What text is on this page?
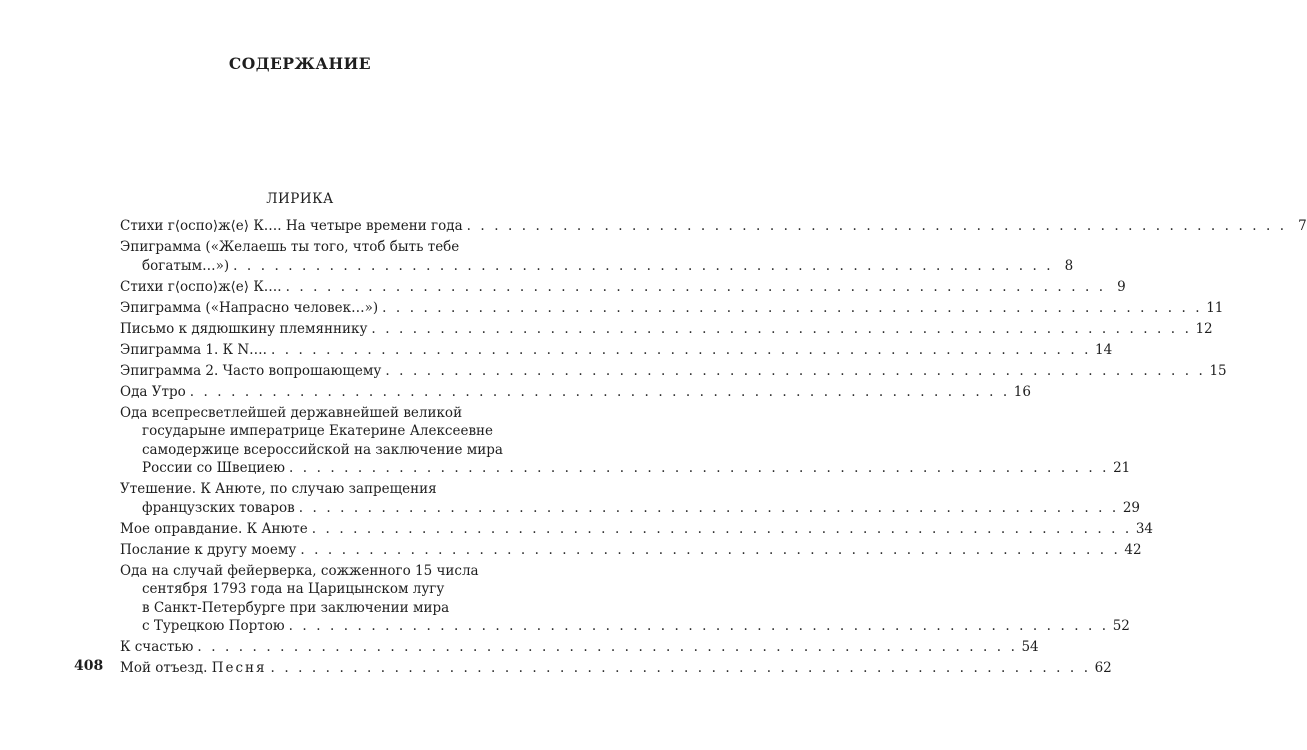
СОДЕРЖАНИЕ
ЛИРИКА
Стихи г⟨оспо⟩ж⟨е⟩ К…. На четыре времени года . . . . . . . . . . . . . . . . . . . . . . . . . . . . . . . . . . . . . . . . . . . . . . . . . . . . . . . . . . . . 7
Эпиграмма («Желаешь ты того, чтоб быть тебе
богатым…») . . . . . . . . . . . . . . . . . . . . . . . . . . . . . . . . . . . . . . . . . . . . . . . . . . . . . . . . . . . . 8
Стихи г⟨оспо⟩ж⟨е⟩ К…. . . . . . . . . . . . . . . . . . . . . . . . . . . . . . . . . . . . . . . . . . . . . . . . . . . . . . . . . . . . . 9
Эпиграмма («Напрасно человек…») . . . . . . . . . . . . . . . . . . . . . . . . . . . . . . . . . . . . . . . . . . . . . . . . . . . . . . . . . . . . 11
Письмо к дядюшкину племяннику . . . . . . . . . . . . . . . . . . . . . . . . . . . . . . . . . . . . . . . . . . . . . . . . . . . . . . . . . . . . 12
Эпиграмма 1. К N…. . . . . . . . . . . . . . . . . . . . . . . . . . . . . . . . . . . . . . . . . . . . . . . . . . . . . . . . . . . . . 14
Эпиграмма 2. Часто вопрошающему . . . . . . . . . . . . . . . . . . . . . . . . . . . . . . . . . . . . . . . . . . . . . . . . . . . . . . . . . . . . 15
Ода Утро . . . . . . . . . . . . . . . . . . . . . . . . . . . . . . . . . . . . . . . . . . . . . . . . . . . . . . . . . . . . 16
Ода всепресветлейшей державнейшей великой
государыне императрице Екатерине Алексеевне
самодержице всероссийской на заключение мира
России со Швециею . . . . . . . . . . . . . . . . . . . . . . . . . . . . . . . . . . . . . . . . . . . . . . . . . . . . . . . . . . . . 21
Утешение. К Анюте, по случаю запрещения
французских товаров . . . . . . . . . . . . . . . . . . . . . . . . . . . . . . . . . . . . . . . . . . . . . . . . . . . . . . . . . . . . 29
Мое оправдание. К Анюте . . . . . . . . . . . . . . . . . . . . . . . . . . . . . . . . . . . . . . . . . . . . . . . . . . . . . . . . . . . . 34
Послание к другу моему . . . . . . . . . . . . . . . . . . . . . . . . . . . . . . . . . . . . . . . . . . . . . . . . . . . . . . . . . . . . 42
Ода на случай фейерверка, сожженного 15 числа
сентября 1793 года на Царицынском лугу
в Санкт-Петербурге при заключении мира
с Турецкою Портою . . . . . . . . . . . . . . . . . . . . . . . . . . . . . . . . . . . . . . . . . . . . . . . . . . . . . . . . . . . . 52
К счастью . . . . . . . . . . . . . . . . . . . . . . . . . . . . . . . . . . . . . . . . . . . . . . . . . . . . . . . . . . . . 54
Мой отъезд.
Песня . . . . . . . . . . . . . . . . . . . . . . . . . . . . . . . . . . . . . . . . . . . . . . . . . . . . . . . . . . . . 62
408
